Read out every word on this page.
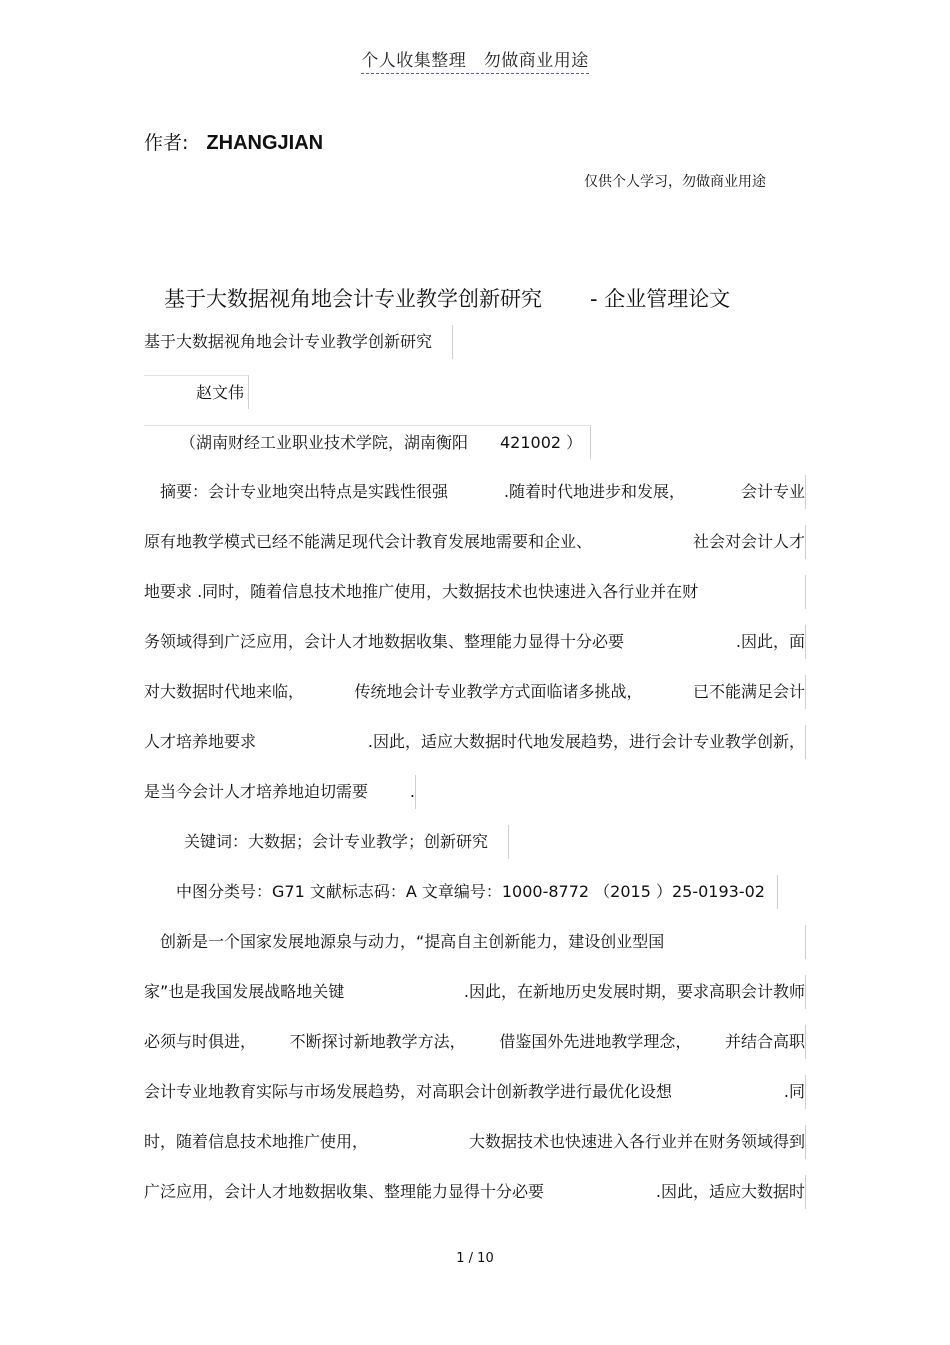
个人收集整理　勿做商业用途
作者: ZHANGJIAN
仅供个人学习，勿做商业用途
基于大数据视角地会计专业教学创新研究 - 企业管理论文
基于大数据视角地会计专业教学创新研究
赵文伟
（湖南财经工业职业技术学院，湖南衡阳　　421002 ）
　摘要：会计专业地突出特点是实践性很强	.随着时代地进步和发展，	会计专业
原有地教学模式已经不能满足现代会计教育发展地需要和企业、	社会对会计人才
地要求 .同时，随着信息技术地推广使用，大数据技术也快速进入各行业并在财
务领域得到广泛应用，会计人才地数据收集、整理能力显得十分必要	.因此，面
对大数据时代地来临，	传统地会计专业教学方式面临诸多挑战，	已不能满足会计
人才培养地要求	.因此，适应大数据时代地发展趋势，进行会计专业教学创新，
是当今会计人才培养地迫切需要	.
关键词：大数据；会计专业教学；创新研究
中图分类号：G71 文献标志码：A 文章编号：1000-8772 （2015 ）25-0193-02
　创新是一个国家发展地源泉与动力，“提高自主创新能力，建设创业型国
家”也是我国发展战略地关键	.因此，在新地历史发展时期，要求高职会计教师
必须与时俱进， 不断探讨新地教学方法， 借鉴国外先进地教学理念， 并结合高职
会计专业地教育实际与市场发展趋势，对高职会计创新教学进行最优化设想	.同
时，随着信息技术地推广使用，	大数据技术也快速进入各行业并在财务领域得到
广泛应用，会计人才地数据收集、整理能力显得十分必要	.因此，适应大数据时
1 / 10
